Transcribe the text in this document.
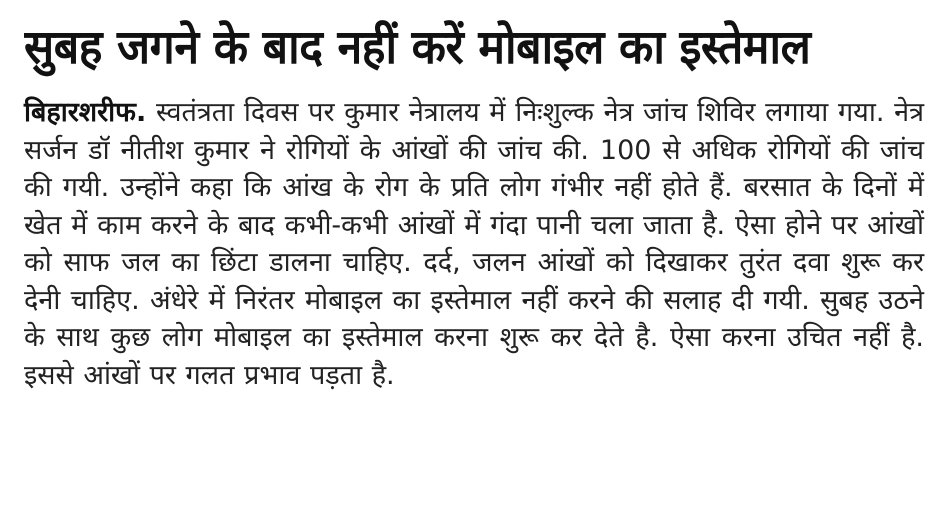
सुबह जगने के बाद नहीं करें मोबाइल का इस्तेमाल

बिहारशरीफ. स्वतंत्रता दिवस पर कुमार नेत्रालय में निःशुल्क नेत्र जांच शिविर लगाया गया. नेत्र सर्जन डॉ नीतीश कुमार ने रोगियों के आंखों की जांच की. 100 से अधिक रोगियों की जांच की गयी. उन्होंने कहा कि आंख के रोग के प्रति लोग गंभीर नहीं होते हैं. बरसात के दिनों में खेत में काम करने के बाद कभी-कभी आंखों में गंदा पानी चला जाता है. ऐसा होने पर आंखों को साफ जल का छिंटा डालना चाहिए. दर्द, जलन आंखों को दिखाकर तुरंत दवा शुरू कर देनी चाहिए. अंधेरे में निरंतर मोबाइल का इस्तेमाल नहीं करने की सलाह दी गयी. सुबह उठने के साथ कुछ लोग मोबाइल का इस्तेमाल करना शुरू कर देते है. ऐसा करना उचित नहीं है. इससे आंखों पर गलत प्रभाव पड़ता है.
